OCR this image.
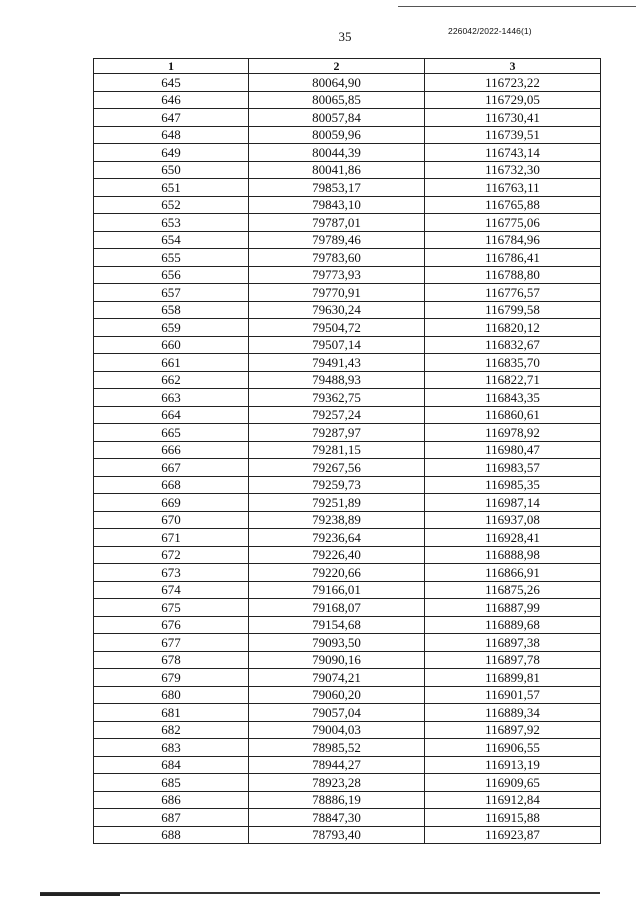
35	226042/2022-1446(1)
1	2	3
645	80064,90	116723,22
646	80065,85	116729,05
647	80057,84	116730,41
648	80059,96	116739,51
649	80044,39	116743,14
650	80041,86	116732,30
651	79853,17	116763,11
652	79843,10	116765,88
653	79787,01	116775,06
654	79789,46	116784,96
655	79783,60	116786,41
656	79773,93	116788,80
657	79770,91	116776,57
658	79630,24	116799,58
659	79504,72	116820,12
660	79507,14	116832,67
661	79491,43	116835,70
662	79488,93	116822,71
663	79362,75	116843,35
664	79257,24	116860,61
665	79287,97	116978,92
666	79281,15	116980,47
667	79267,56	116983,57
668	79259,73	116985,35
669	79251,89	116987,14
670	79238,89	116937,08
671	79236,64	116928,41
672	79226,40	116888,98
673	79220,66	116866,91
674	79166,01	116875,26
675	79168,07	116887,99
676	79154,68	116889,68
677	79093,50	116897,38
678	79090,16	116897,78
679	79074,21	116899,81
680	79060,20	116901,57
681	79057,04	116889,34
682	79004,03	116897,92
683	78985,52	116906,55
684	78944,27	116913,19
685	78923,28	116909,65
686	78886,19	116912,84
687	78847,30	116915,88
688	78793,40	116923,87
